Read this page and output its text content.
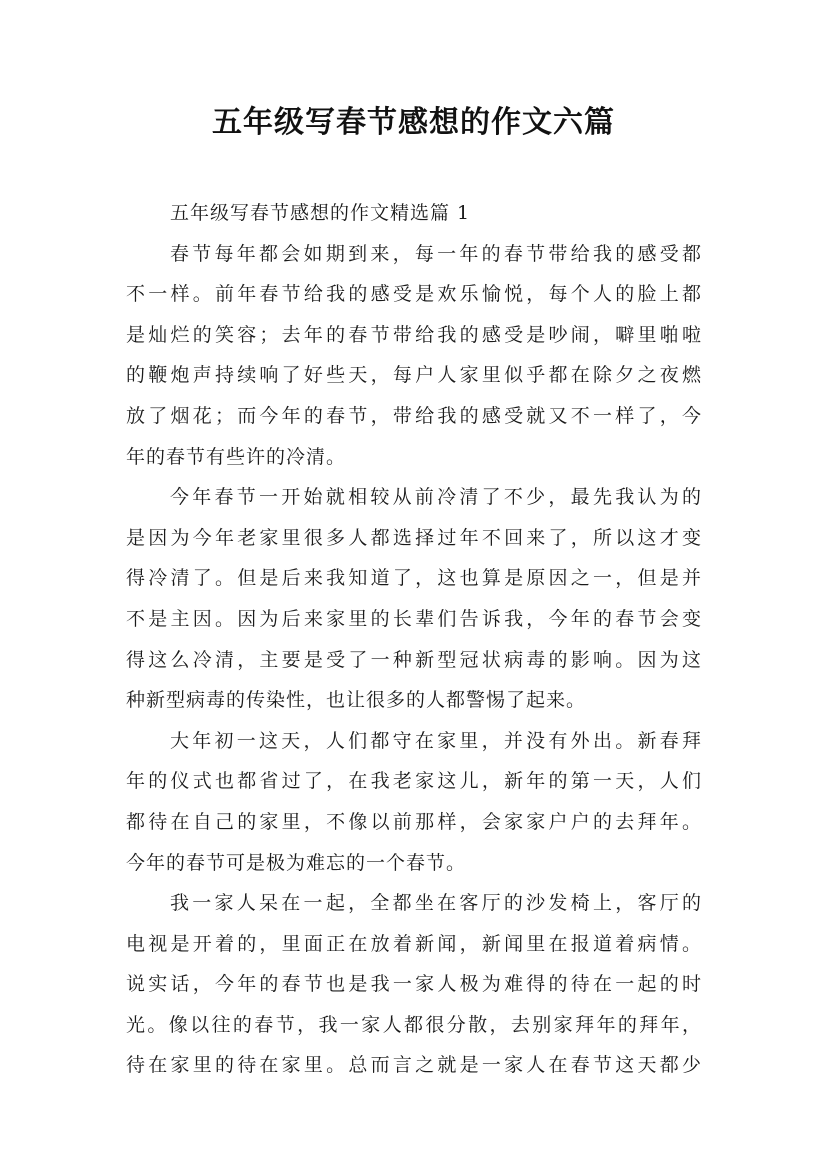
五年级写春节感想的作文六篇
五年级写春节感想的作文精选篇 1
春节每年都会如期到来，每一年的春节带给我的感受都
不一样。前年春节给我的感受是欢乐愉悦，每个人的脸上都
是灿烂的笑容；去年的春节带给我的感受是吵闹，噼里啪啦
的鞭炮声持续响了好些天，每户人家里似乎都在除夕之夜燃
放了烟花；而今年的春节，带给我的感受就又不一样了，今
年的春节有些许的冷清。
今年春节一开始就相较从前冷清了不少，最先我认为的
是因为今年老家里很多人都选择过年不回来了，所以这才变
得冷清了。但是后来我知道了，这也算是原因之一，但是并
不是主因。因为后来家里的长辈们告诉我，今年的春节会变
得这么冷清，主要是受了一种新型冠状病毒的影响。因为这
种新型病毒的传染性，也让很多的人都警惕了起来。
大年初一这天，人们都守在家里，并没有外出。新春拜
年的仪式也都省过了，在我老家这儿，新年的第一天，人们
都待在自己的家里，不像以前那样，会家家户户的去拜年。
今年的春节可是极为难忘的一个春节。
我一家人呆在一起，全都坐在客厅的沙发椅上，客厅的
电视是开着的，里面正在放着新闻，新闻里在报道着病情。
说实话，今年的春节也是我一家人极为难得的待在一起的时
光。像以往的春节，我一家人都很分散，去别家拜年的拜年，
待在家里的待在家里。总而言之就是一家人在春节这天都少
